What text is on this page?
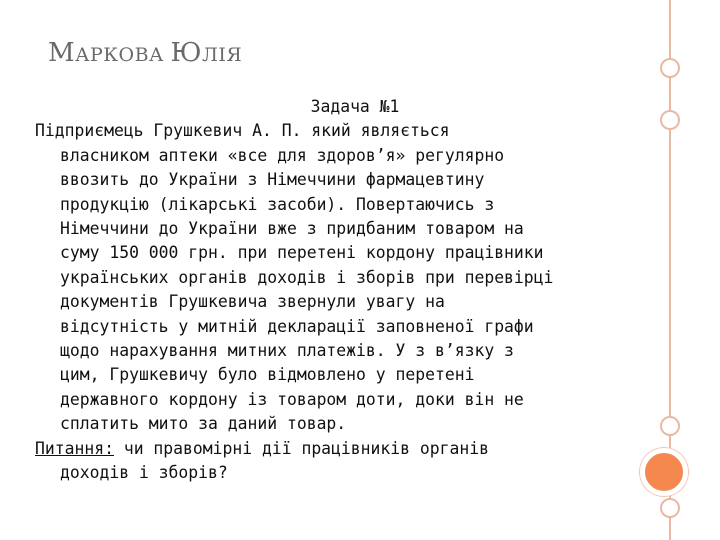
МАРКОВА ЮЛІЯ
Задача №1

Підприємець Грушкевич А. П. який являється
власником аптеки «все для здоров’я» регулярно
ввозить до України з Німеччини фармацевтину
продукцію (лікарські засоби). Повертаючись з
Німеччини до України вже з придбаним товаром на
суму 150 000 грн. при перетені кордону працівники
українських органів доходів і зборів при перевірці
документів Грушкевича звернули увагу на
відсутність у митній декларації заповненої графи
щодо нарахування митних платежів. У з в’язку з
цим, Грушкевичу було відмовлено у перетені
державного кордону із товаром доти, доки він не
сплатить мито за даний товар.

Питання: чи правомірні дії працівників органів
доходів і зборів?
